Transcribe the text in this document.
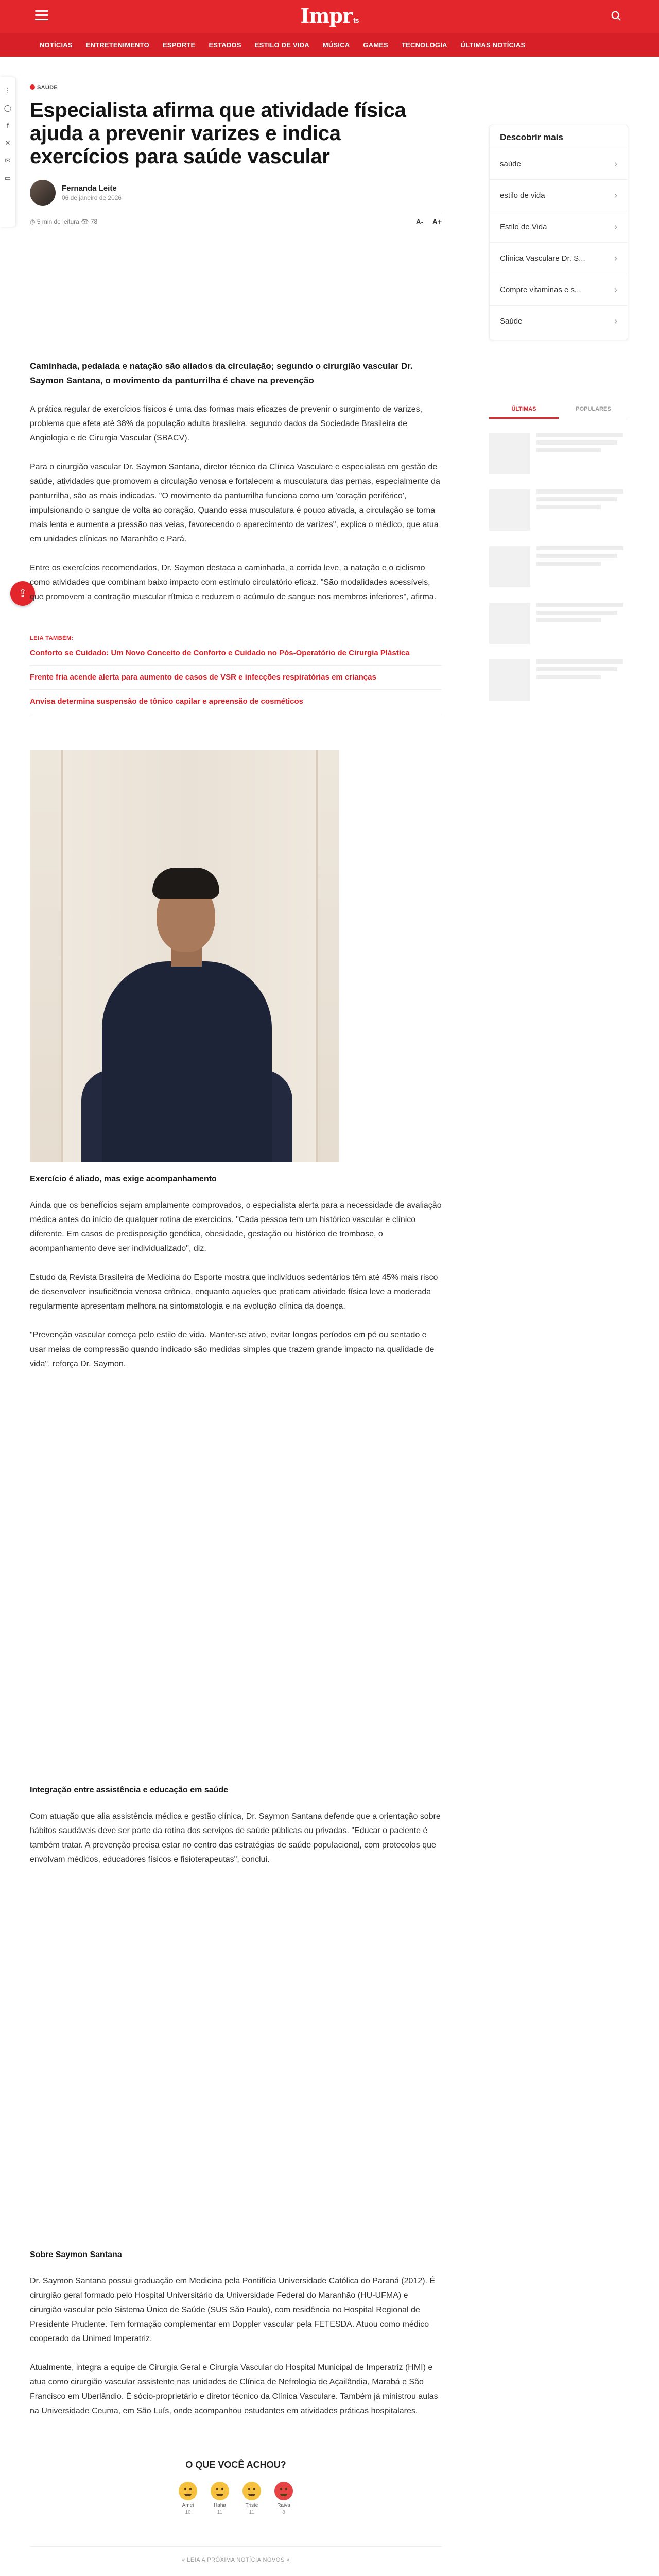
Impr ts
NOTÍCIAS	ENTRETENIMENTO	ESPORTE	ESTADOS	ESTILO DE VIDA	MÚSICA	GAMES	TECNOLOGIA	ÚLTIMAS NOTÍCIAS
⋮
◯
f
✕
✉
▭
⇪
SAÚDE
Especialista afirma que atividade física ajuda a prevenir varizes e indica exercícios para saúde vascular
Fernanda Leite
06 de janeiro de 2026
◷ 5 min de leitura 👁 78	A- A+

Caminhada, pedalada e natação são aliados da circulação; segundo o cirurgião vascular Dr. Saymon Santana, o movimento da panturrilha é chave na prevenção

A prática regular de exercícios físicos é uma das formas mais eficazes de prevenir o surgimento de varizes, problema que afeta até 38% da população adulta brasileira, segundo dados da Sociedade Brasileira de Angiologia e de Cirurgia Vascular (SBACV).

Para o cirurgião vascular Dr. Saymon Santana, diretor técnico da Clínica Vasculare e especialista em gestão de saúde, atividades que promovem a circulação venosa e fortalecem a musculatura das pernas, especialmente da panturrilha, são as mais indicadas. "O movimento da panturrilha funciona como um 'coração periférico', impulsionando o sangue de volta ao coração. Quando essa musculatura é pouco ativada, a circulação se torna mais lenta e aumenta a pressão nas veias, favorecendo o aparecimento de varizes", explica o médico, que atua em unidades clínicas no Maranhão e Pará.

Entre os exercícios recomendados, Dr. Saymon destaca a caminhada, a corrida leve, a natação e o ciclismo como atividades que combinam baixo impacto com estímulo circulatório eficaz. "São modalidades acessíveis, que promovem a contração muscular rítmica e reduzem o acúmulo de sangue nos membros inferiores", afirma.

LEIA TAMBÉM:
Conforto se Cuidado: Um Novo Conceito de Conforto e Cuidado no Pós-Operatório de Cirurgia Plástica
Frente fria acende alerta para aumento de casos de VSR e infecções respiratórias em crianças
Anvisa determina suspensão de tônico capilar e apreensão de cosméticos
Exercício é aliado, mas exige acompanhamento

Ainda que os benefícios sejam amplamente comprovados, o especialista alerta para a necessidade de avaliação médica antes do início de qualquer rotina de exercícios. "Cada pessoa tem um histórico vascular e clínico diferente. Em casos de predisposição genética, obesidade, gestação ou histórico de trombose, o acompanhamento deve ser individualizado", diz.

Estudo da Revista Brasileira de Medicina do Esporte mostra que indivíduos sedentários têm até 45% mais risco de desenvolver insuficiência venosa crônica, enquanto aqueles que praticam atividade física leve a moderada regularmente apresentam melhora na sintomatologia e na evolução clínica da doença.

"Prevenção vascular começa pelo estilo de vida. Manter-se ativo, evitar longos períodos em pé ou sentado e usar meias de compressão quando indicado são medidas simples que trazem grande impacto na qualidade de vida", reforça Dr. Saymon.

Integração entre assistência e educação em saúde

Com atuação que alia assistência médica e gestão clínica, Dr. Saymon Santana defende que a orientação sobre hábitos saudáveis deve ser parte da rotina dos serviços de saúde públicas ou privadas. "Educar o paciente é também tratar. A prevenção precisa estar no centro das estratégias de saúde populacional, com protocolos que envolvam médicos, educadores físicos e fisioterapeutas", conclui.

Sobre Saymon Santana

Dr. Saymon Santana possui graduação em Medicina pela Pontifícia Universidade Católica do Paraná (2012). É cirurgião geral formado pelo Hospital Universitário da Universidade Federal do Maranhão (HU-UFMA) e cirurgião vascular pelo Sistema Único de Saúde (SUS São Paulo), com residência no Hospital Regional de Presidente Prudente. Tem formação complementar em Doppler vascular pela FETESDA. Atuou como médico cooperado da Unimed Imperatriz.

Atualmente, integra a equipe de Cirurgia Geral e Cirurgia Vascular do Hospital Municipal de Imperatriz (HMI) e atua como cirurgião vascular assistente nas unidades de Clínica de Nefrologia de Açailândia, Marabá e São Francisco em Uberlândio. É sócio-proprietário e diretor técnico da Clínica Vasculare. Também já ministrou aulas na Universidade Ceuma, em São Luís, onde acompanhou estudantes em atividades práticas hospitalares.

O QUE VOCÊ ACHOU?
Amei
10
Haha
11
Triste
11
Raiva
8
« LEIA A PRÓXIMA NOTÍCIA NOVOS »
Descobrir mais
saúde	›
estilo de vida	›
Estilo de Vida	›
Clínica Vasculare Dr. S...	›
Compre vitaminas e s...	›
Saúde	›
ÚLTIMAS	POPULARES
